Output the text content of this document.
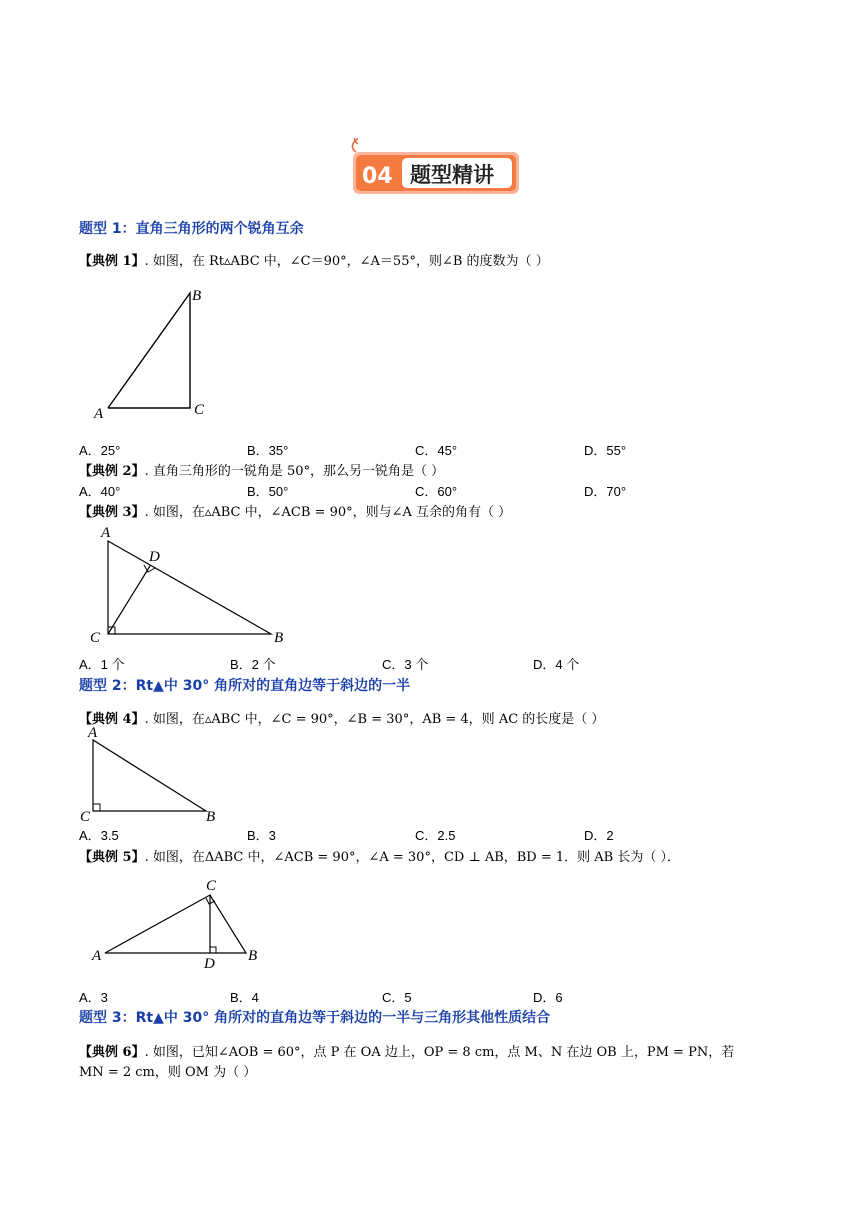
04 题型精讲
题型 1：直角三角形的两个锐角互余
【典例 1】. 如图，在 Rt▵ABC 中，∠C＝90°，∠A＝55°，则∠B 的度数为（ ）
A
B
C
A．25°	B．35°	C．45°	D．55°
【典例 2】. 直角三角形的一锐角是 50°，那么另一锐角是（ ）
A．40°	B．50°	C．60°	D．70°
【典例 3】. 如图，在▵ABC 中，∠ACB = 90°，则与∠A 互余的角有（ ）
A
D
C	B
A．1 个	B．2 个	C．3 个	D．4 个
题型 2：Rt▲中 30° 角所对的直角边等于斜边的一半
【典例 4】. 如图，在▵ABC 中，∠C = 90°，∠B = 30°，AB = 4，则 AC 的长度是（ ）
A
C	B
A．3.5	B．3	C．2.5	D．2
【典例 5】. 如图，在ΔABC 中，∠ACB = 90°，∠A = 30°，CD ⊥ AB，BD = 1．则 AB 长为（ ）．
C
A	D B
A．3	B．4	C．5	D．6
题型 3：Rt▲中 30° 角所对的直角边等于斜边的一半与三角形其他性质结合
【典例 6】. 如图，已知∠AOB = 60°，点 P 在 OA 边上，OP = 8 cm，点 M、N 在边 OB 上，PM = PN，若
MN = 2 cm，则 OM 为（ ）
